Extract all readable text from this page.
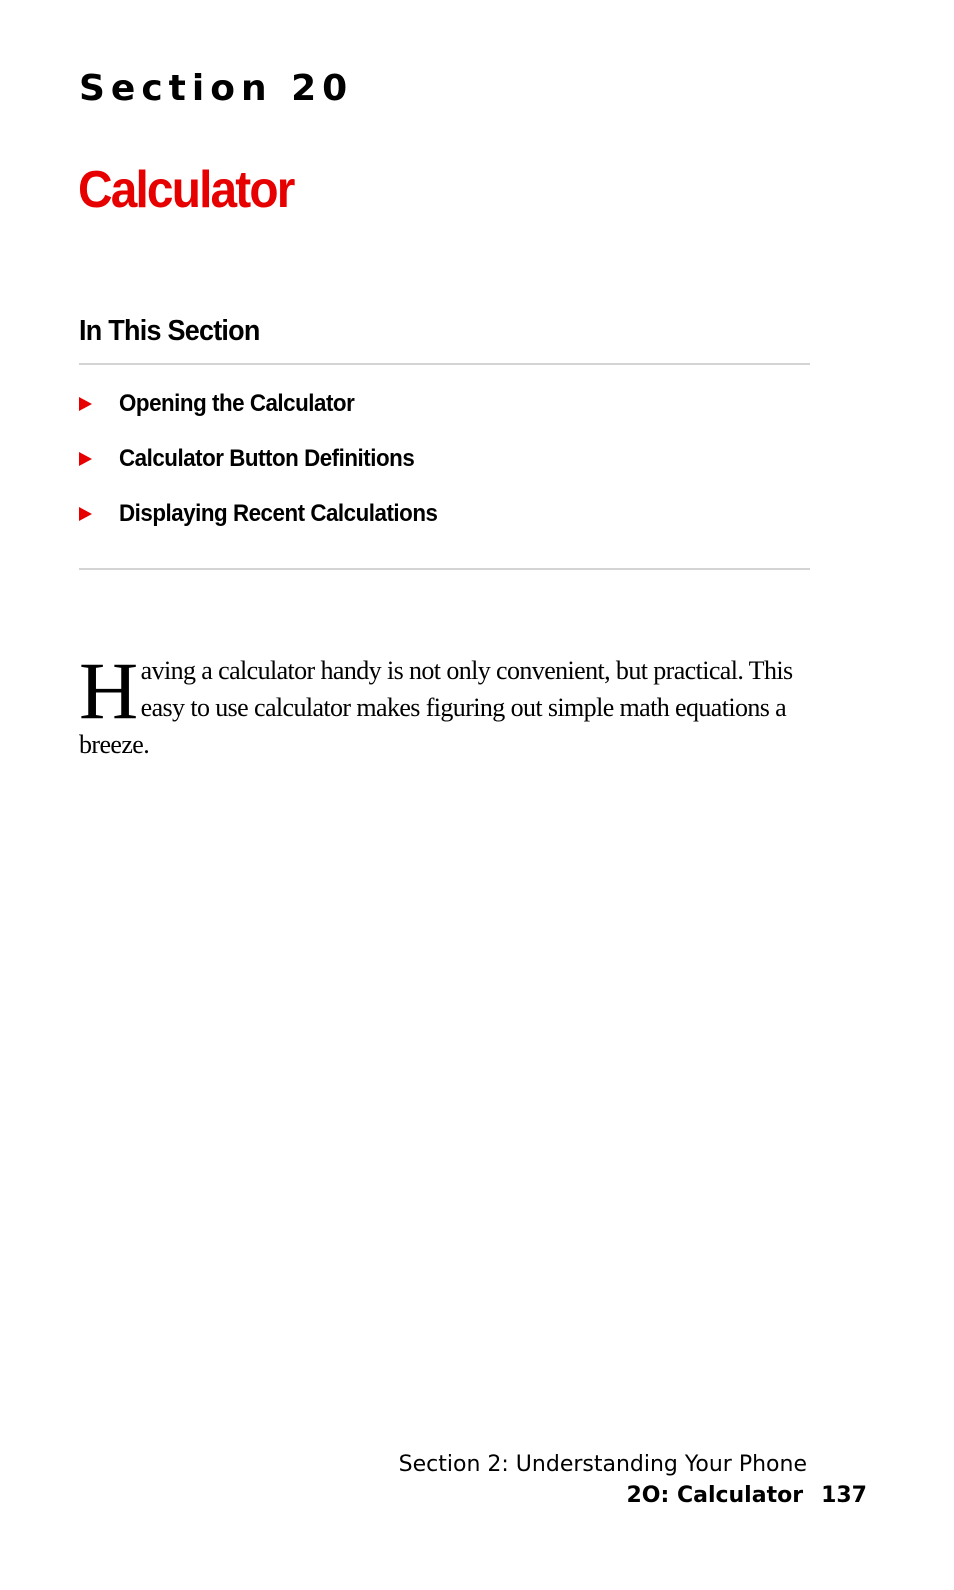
Section 20
Calculator
In This Section
Opening the Calculator
Calculator Button Definitions
Displaying Recent Calculations

Having a calculator handy is not only convenient, but practical. This easy to use calculator makes figuring out simple math equations a breeze.

Section 2: Understanding Your Phone
2O: Calculator 137
